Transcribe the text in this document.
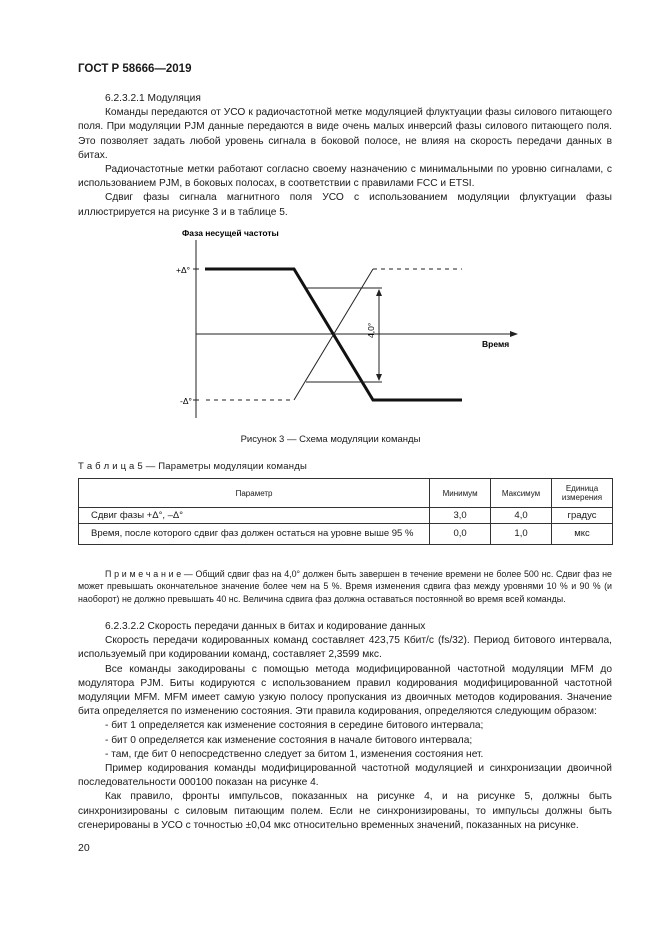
ГОСТ Р 58666—2019

6.2.3.2.1 Модуляция

Команды передаются от УСО к радиочастотной метке модуляцией флуктуации фазы силового питающего поля. При модуляции PJM данные передаются в виде очень малых инверсий фазы силового питающего поля. Это позволяет задать любой уровень сигнала в боковой полосе, не влияя на скорость передачи данных в битах.

Радиочастотные метки работают согласно своему назначению с минимальными по уровню сигналами, с использованием PJM, в боковых полосах, в соответствии с правилами FCC и ETSI.

Сдвиг фазы сигнала магнитного поля УСО с использованием модуляции флуктуации фазы иллюстрируется на рисунке 3 и в таблице 5.

Фаза несущей частоты
Время
+Δ°
-Δ°
4,0°
Рисунок 3 — Схема модуляции команды
Т а б л и ц а 5 — Параметры модуляции команды
Параметр	Минимум	Максимум	Единица измерения
Сдвиг фазы +Δ°, –Δ°	3,0	4,0	градус
Время, после которого сдвиг фаз должен остаться на уровне выше 95 %	0,0	1,0	мкс
П р и м е ч а н и е — Общий сдвиг фаз на 4,0° должен быть завершен в течение времени не более 500 нс. Сдвиг фаз не может превышать окончательное значение более чем на 5 %. Время изменения сдвига фаз между уровнями 10 % и 90 % (и наоборот) не должно превышать 40 нс. Величина сдвига фаз должна оставаться постоянной во время всей команды.

6.2.3.2.2 Скорость передачи данных в битах и кодирование данных

Скорость передачи кодированных команд составляет 423,75 Кбит/с (fs/32). Период битового интервала, используемый при кодировании команд, составляет 2,3599 мкс.

Все команды закодированы с помощью метода модифицированной частотной модуляции MFM до модулятора PJM. Биты кодируются с использованием правил кодирования модифицированной частотной модуляции MFM. MFM имеет самую узкую полосу пропускания из двоичных методов кодирования. Значение бита определяется по изменению состояния. Эти правила кодирования, определяются следующим образом:

- бит 1 определяется как изменение состояния в середине битового интервала;

- бит 0 определяется как изменение состояния в начале битового интервала;

- там, где бит 0 непосредственно следует за битом 1, изменения состояния нет.

Пример кодирования команды модифицированной частотной модуляцией и синхронизации двоичной последовательности 000100 показан на рисунке 4.

Как правило, фронты импульсов, показанных на рисунке 4, и на рисунке 5, должны быть синхронизированы с силовым питающим полем. Если не синхронизированы, то импульсы должны быть сгенерированы в УСО с точностью ±0,04 мкс относительно временных значений, показанных на рисунке.

20
